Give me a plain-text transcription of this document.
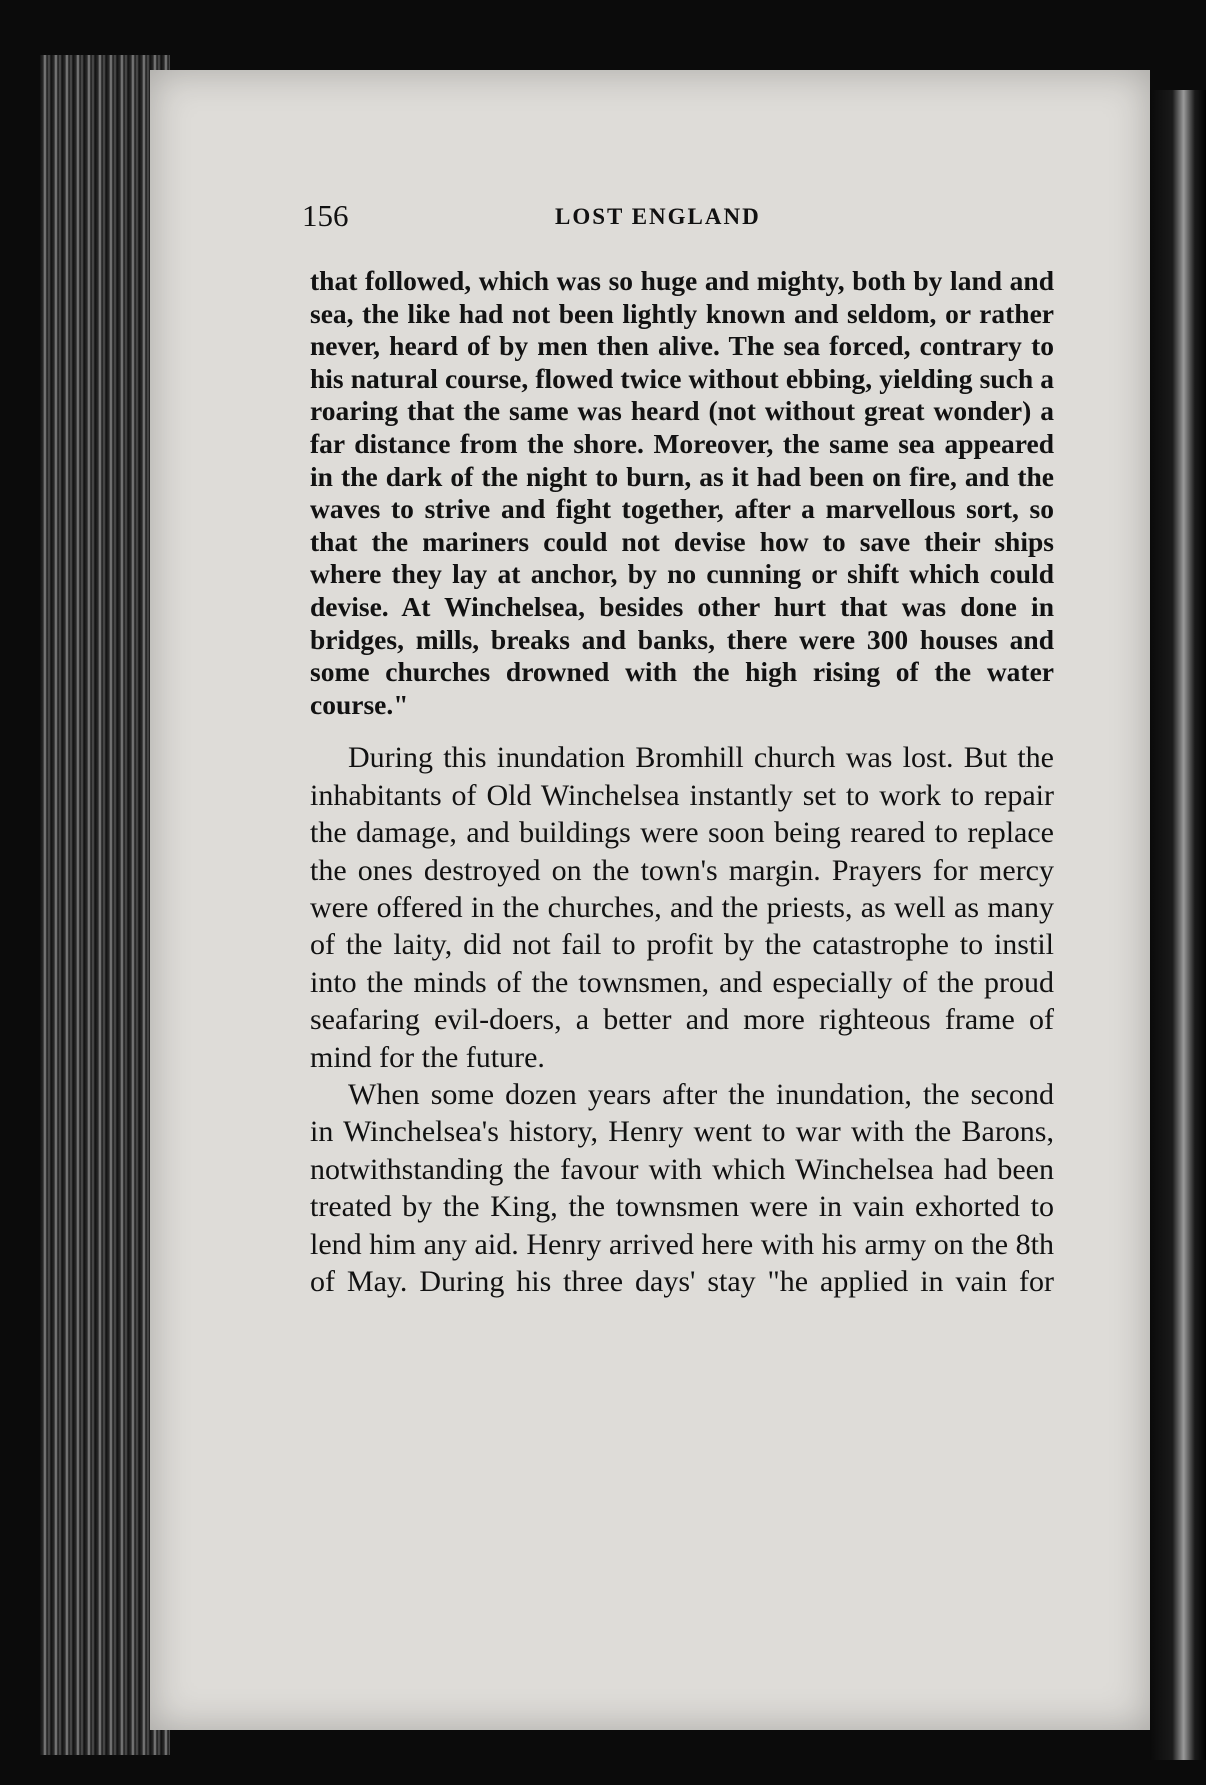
156	LOST ENGLAND

that followed, which was so huge and mighty, both by land and sea, the like had not been lightly known and seldom, or rather never, heard of by men then alive. The sea forced, contrary to his natural course, flowed twice without ebbing, yielding such a roaring that the same was heard (not without great wonder) a far distance from the shore. Moreover, the same sea appeared in the dark of the night to burn, as it had been on fire, and the waves to strive and fight together, after a marvellous sort, so that the mariners could not devise how to save their ships where they lay at anchor, by no cunning or shift which could devise. At Winchelsea, besides other hurt that was done in bridges, mills, breaks and banks, there were 300 houses and some churches drowned with the high rising of the water course."

During this inundation Bromhill church was lost. But the inhabitants of Old Winchelsea instantly set to work to repair the damage, and buildings were soon being reared to replace the ones destroyed on the town's margin. Prayers for mercy were offered in the churches, and the priests, as well as many of the laity, did not fail to profit by the catastrophe to instil into the minds of the townsmen, and especially of the proud seafaring evil-doers, a better and more righteous frame of mind for the future.

When some dozen years after the inundation, the second in Winchelsea's history, Henry went to war with the Barons, notwithstanding the favour with which Winchelsea had been treated by the King, the townsmen were in vain exhorted to lend him any aid. Henry arrived here with his army on the 8th of May. During his three days' stay "he applied in vain for
